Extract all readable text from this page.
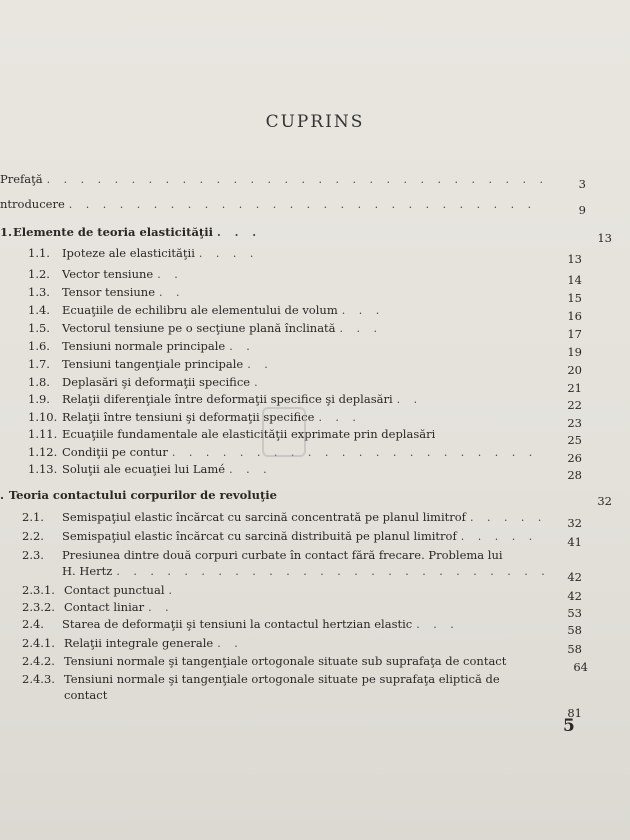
CUPRINS
Prefaţă . . .	3
ntroducere . . .	9
1. Elemente de teoria elasticităţii . . .	13
1.1.	Ipoteze ale elasticităţii . . .	13
1.2.	Vector tensiune . . .	14
1.3.	Tensor tensiune . . .	15
1.4.	Ecuaţiile de echilibru ale elementului de volum . . .	16
1.5.	Vectorul tensiune pe o secţiune plană înclinată . . .	17
1.6.	Tensiuni normale principale . . .	19
1.7.	Tensiuni tangenţiale principale . . .	20
1.8.	Deplasări şi deformaţii specifice . . .	21
1.9.	Relaţii diferenţiale între deformaţii specifice şi deplasări . . .	22
1.10. Relaţii între tensiuni şi deformaţii specifice . . .	23
1.11. Ecuaţiile fundamentale ale elasticităţii exprimate prin deplasări	25
1.12. Condiţii pe contur . . .	26
1.13. Soluţii ale ecuaţiei lui Lamé . . .	28
. Teoria contactului corpurilor de revoluţie	32
2.1.	Semispaţiul elastic încărcat cu sarcină concentrată pe planul limitrof . . .	32
2.2.	Semispaţiul elastic încărcat cu sarcină distribuită pe planul limitrof . . .	41
2.3.	Presiunea dintre două corpuri curbate în contact fără frecare. Problema lui
H. Hertz . . .	42
2.3.1. Contact punctual . . .	42
2.3.2. Contact liniar . . .	53
2.4.	Starea de deformaţii şi tensiuni la contactul hertzian elastic . . .	58
2.4.1. Relaţii integrale generale . . .	58
2.4.2. Tensiuni normale şi tangenţiale ortogonale situate sub suprafaţa de contact	64
2.4.3. Tensiuni normale şi tangenţiale ortogonale situate pe suprafaţa eliptică de
contact
81
5
